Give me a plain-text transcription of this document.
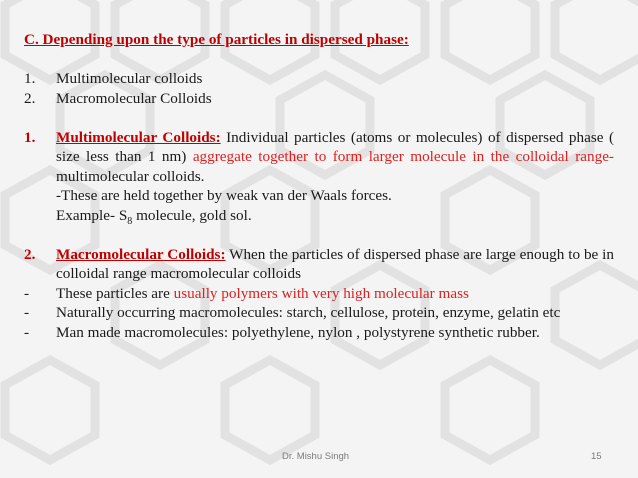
C. Depending upon the type of particles in dispersed phase:
1.	Multimolecular colloids
2.	Macromolecular Colloids
1.	Multimolecular Colloids: Individual particles (atoms or molecules) of dispersed phase ( size less than 1 nm) aggregate together to form larger molecule in the colloidal range- multimolecular colloids.
-These are held together by weak van der Waals forces.
Example- $S_8$ molecule, gold sol.
2.	Macromolecular Colloids: When the particles of dispersed phase are large enough to be in colloidal range macromolecular colloids
-	These particles are usually polymers with very high molecular mass
-	Naturally occurring macromolecules: starch, cellulose, protein, enzyme, gelatin etc
-	Man made macromolecules: polyethylene, nylon , polystyrene synthetic rubber.
Dr. Mishu Singh	15
